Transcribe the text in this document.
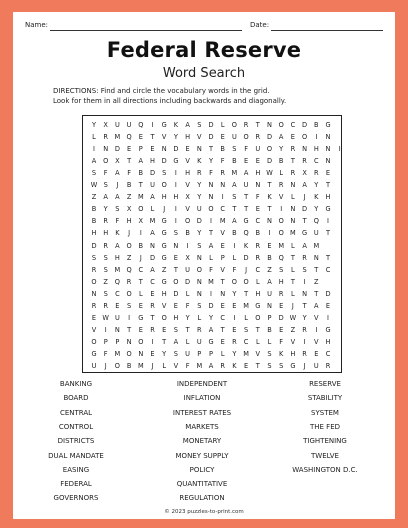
Name:	Date:
Federal Reserve
Word Search
DIRECTIONS: Find and circle the vocabulary words in the grid.
Look for them in all directions including backwards and diagonally.
Y	X	U	U	Q	I	G	K	A	S	D	L	O	R	T	N	O	C	D	B	G
L	R M Q	E	T	V	Y	H	V	D	E	U	O	R	D	A	E	O	I	N
I	N	D	E	P	E	N	D	E	N	T	B	S	F	U	O	Y	R	N	H	N	I
A	O	X	T	A	H	D	G	V	K	Y	F	B	E	E	D	B	T	R	C	N
S	F	A	F	B	D	S	I	H	R	F	R M A	H W L	R	X	R	E
W S	J	B	T	U	O	I	V	Y	N	N	A	U	N	T	R	N	A	Y	T
Z	A	A	Z M A	H	H	X	Y	N	I	S	T	F	K	V	L	J	K	H
B	Y	S	X	O	L	J	I	V	U	O	C	T	T	E	T	I	N	D	Y	G
B	R	F	H	X M G	I	O D	I	M A	G	C	N	O	N	T	Q	I
H	H	K	J	I	A	G	S	B	Y	T	V	B	Q	B	I	O M G	U	T
D	R	A	O	B	N	G	N	I	S	A	E	I	K	R	E	M	L	A M
S	S	H	Z	J	D G	E	X	N	L	P	L	D	R	B	Q	T	R	N	T
R	S	M Q	C	A	Z	T	U	O	F	V	F	J	C	Z	S	L	S	T	C
O	Z	Q	R	T	C	G O D	N M	T	O O	L	A	H	T	I	Z
N	S	C	O	L	E	H	D	L	N	I	N	Y	T	H	U	R	L	N	T	D
R	R	E	S	E	R	V	E	F	S	D	E	E	M G	N	E	J	T	A	E
E W U	I	G	T	O	H	Y	L	Y	C	I	L	O	P	D W Y	V	I
V	I	N	T	E	R	E	S	T	R	A	T	E	S	T	B	E	Z	R	I	G
O	P	P	N	O	I	T	A	L	U	G	E	R	C	L	L	F	V	I	V	H
G	F	M O	N	E	Y	S	U	P	P	L	Y	M V	S	K	H	R	E	C
U	J	O	B M	J	L	V	F	M A	R	K	E	T	S	S	G	J	U	R
BANKING
BOARD
CENTRAL
CONTROL
DISTRICTS
DUAL MANDATE
EASING
FEDERAL
GOVERNORS
INDEPENDENT
INFLATION
INTEREST RATES
MARKETS
MONETARY
MONEY SUPPLY
POLICY
QUANTITATIVE
REGULATION
RESERVE
STABILITY
SYSTEM
THE FED
TIGHTENING
TWELVE
WASHINGTON D.C.
© 2023 puzzles-to-print.com
